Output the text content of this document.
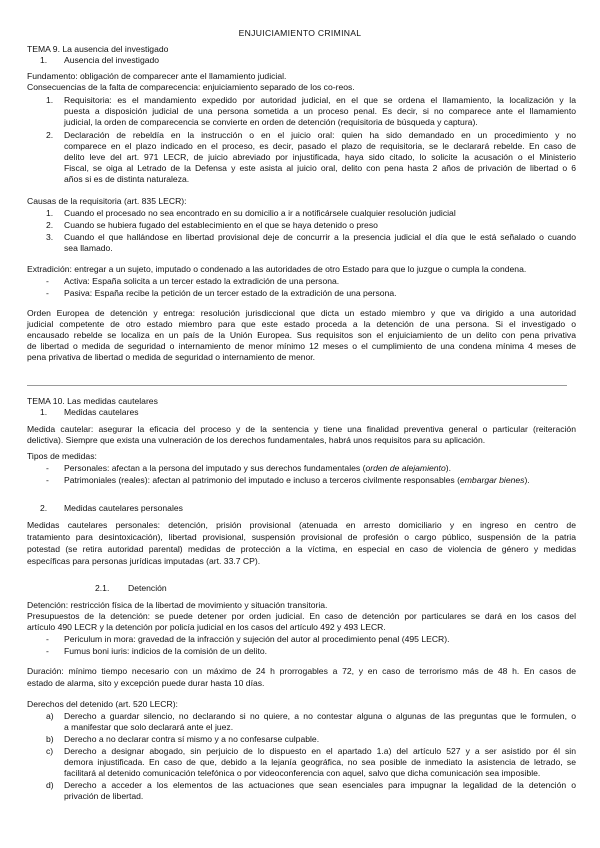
ENJUICIAMIENTO CRIMINAL
TEMA 9. La ausencia del investigado
1. Ausencia del investigado
Fundamento: obligación de comparecer ante el llamamiento judicial.
Consecuencias de la falta de comparecencia: enjuiciamiento separado de los co-reos.
1. Requisitoria: es el mandamiento expedido por autoridad judicial, en el que se ordena el llamamiento, la localización y la
puesta a disposición judicial de una persona sometida a un proceso penal. Es decir, si no comparece ante el llamamiento
judicial, la orden de comparecencia se convierte en orden de detención (requisitoria de búsqueda y captura).
2. Declaración de rebeldía en la instrucción o en el juicio oral: quien ha sido demandado en un procedimiento y no
comparece en el plazo indicado en el proceso, es decir, pasado el plazo de requisitoria, se le declarará rebelde. En caso de
delito leve del art. 971 LECR, de juicio abreviado por injustificada, haya sido citado, lo solicite la acusación o el Ministerio
Fiscal, se oiga al Letrado de la Defensa y este asista al juicio oral, delito con pena hasta 2 años de privación de libertad o 6
años si es de distinta naturaleza.
Causas de la requisitoria (art. 835 LECR):
1. Cuando el procesado no sea encontrado en su domicilio a ir a notificársele cualquier resolución judicial
2. Cuando se hubiera fugado del establecimiento en el que se haya detenido o preso
3. Cuando el que hallándose en libertad provisional deje de concurrir a la presencia judicial el día que le está señalado o cuando
sea llamado.
Extradición: entregar a un sujeto, imputado o condenado a las autoridades de otro Estado para que lo juzgue o cumpla la condena.
- Activa: España solicita a un tercer estado la extradición de una persona.
- Pasiva: España recibe la petición de un tercer estado de la extradición de una persona.
Orden Europea de detención y entrega: resolución jurisdiccional que dicta un estado miembro y que va dirigido a una autoridad
judicial competente de otro estado miembro para que este estado proceda a la detención de una persona. Si el investigado o
encausado rebelde se localiza en un país de la Unión Europea. Sus requisitos son el enjuiciamiento de un delito con pena privativa
de libertad o medida de seguridad o internamiento de menor mínimo 12 meses o el cumplimiento de una condena mínima 4 meses de
pena privativa de libertad o medida de seguridad o internamiento de menor.
TEMA 10. Las medidas cautelares
1. Medidas cautelares
Medida cautelar: asegurar la eficacia del proceso y de la sentencia y tiene una finalidad preventiva general o particular (reiteración
delictiva). Siempre que exista una vulneración de los derechos fundamentales, habrá unos requisitos para su aplicación.
Tipos de medidas:
- Personales: afectan a la persona del imputado y sus derechos fundamentales (orden de alejamiento).
- Patrimoniales (reales): afectan al patrimonio del imputado e incluso a terceros civilmente responsables (embargar bienes).
2. Medidas cautelares personales
Medidas cautelares personales: detención, prisión provisional (atenuada en arresto domiciliario y en ingreso en centro de
tratamiento para desintoxicación), libertad provisional, suspensión provisional de profesión o cargo público, suspensión de la patria
potestad (se retira autoridad parental) medidas de protección a la víctima, en especial en caso de violencia de género y medidas
específicas para personas jurídicas imputadas (art. 33.7 CP).
2.1. Detención
Detención: restricción física de la libertad de movimiento y situación transitoria.
Presupuestos de la detención: se puede detener por orden judicial. En caso de detención por particulares se dará en los casos del
artículo 490 LECR y la detención por policía judicial en los casos del artículo 492 y 493 LECR.
- Periculum in mora: gravedad de la infracción y sujeción del autor al procedimiento penal (495 LECR).
- Fumus boni iuris: indicios de la comisión de un delito.
Duración: mínimo tiempo necesario con un máximo de 24 h prorrogables a 72, y en caso de terrorismo más de 48 h. En casos de
estado de alarma, sito y excepción puede durar hasta 10 días.
Derechos del detenido (art. 520 LECR):
a) Derecho a guardar silencio, no declarando si no quiere, a no contestar alguna o algunas de las preguntas que le formulen, o
a manifestar que solo declarará ante el juez.
b) Derecho a no declarar contra sí mismo y a no confesarse culpable.
c) Derecho a designar abogado, sin perjuicio de lo dispuesto en el apartado 1.a) del artículo 527 y a ser asistido por él sin
demora injustificada. En caso de que, debido a la lejanía geográfica, no sea posible de inmediato la asistencia de letrado, se
facilitará al detenido comunicación telefónica o por videoconferencia con aquel, salvo que dicha comunicación sea imposible.
d) Derecho a acceder a los elementos de las actuaciones que sean esenciales para impugnar la legalidad de la detención o
privación de libertad.
